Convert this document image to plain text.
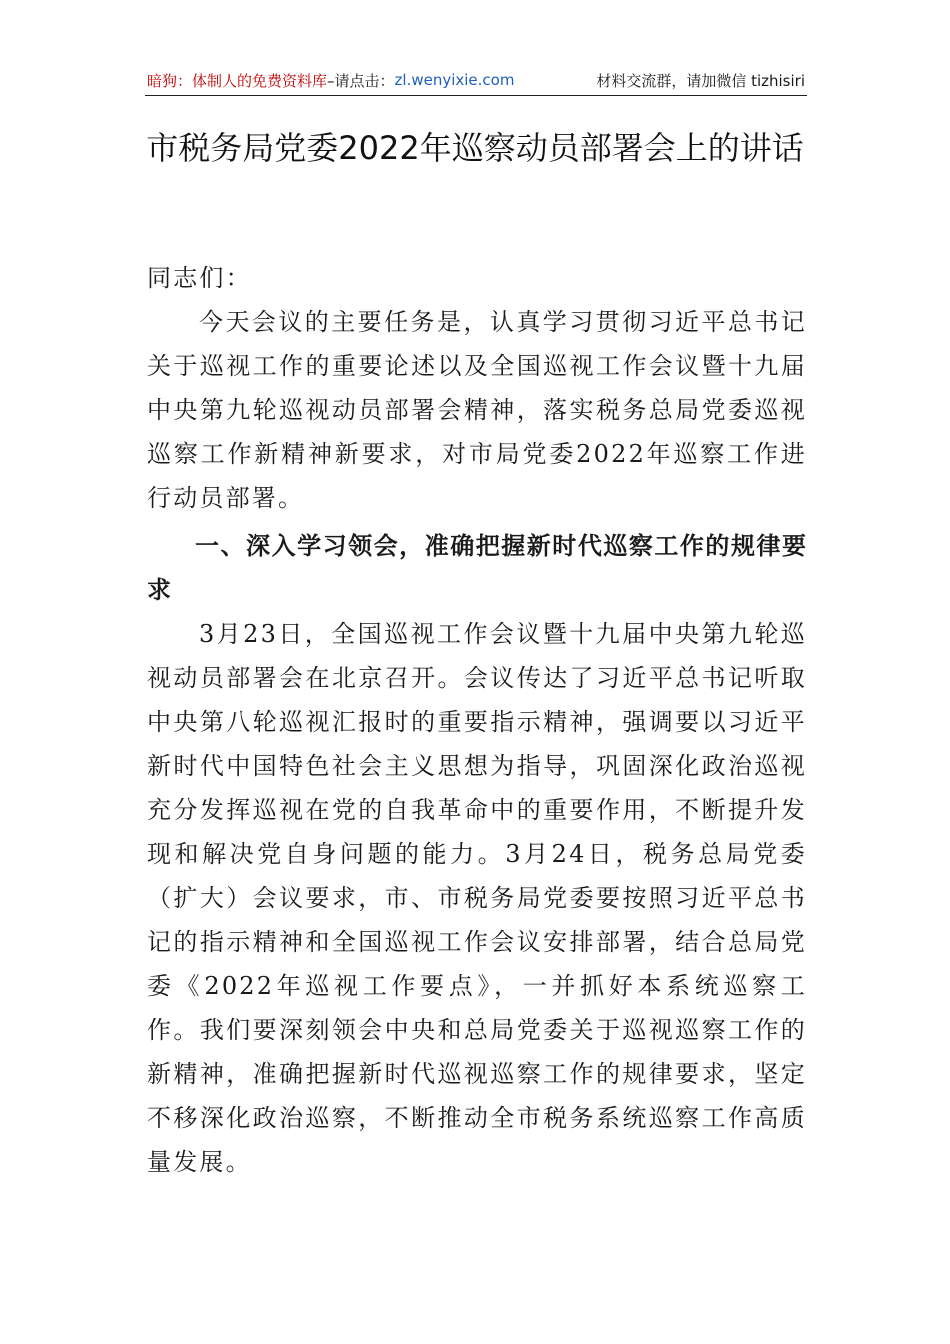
暗狗：体制人的免费资料库 –请点击： zl.wenyixie.com	材料交流群，请加微信 tizhisiri
市税务局党委2022年巡察动员部署会上的讲话

同志们：

今天会议的主要任务是，认真学习贯彻习近平总书记关于巡视工作的重要论述以及全国巡视工作会议暨十九届中央第九轮巡视动员部署会精神，落实税务总局党委巡视巡察工作新精神新要求，对市局党委2022年巡察工作进行动员部署。

一、深入学习领会，准确把握新时代巡察工作的规律要求

3月23日，全国巡视工作会议暨十九届中央第九轮巡视动员部署会在北京召开。会议传达了习近平总书记听取中央第八轮巡视汇报时的重要指示精神，强调要以习近平新时代中国特色社会主义思想为指导，巩固深化政治巡视充分发挥巡视在党的自我革命中的重要作用，不断提升发现和解决党自身问题的能力。3月24日，税务总局党委（扩大）会议要求，市、市税务局党委要按照习近平总书记的指示精神和全国巡视工作会议安排部署，结合总局党委《2022年巡视工作要点》，一并抓好本系统巡察工作。我们要深刻领会中央和总局党委关于巡视巡察工作的新精神，准确把握新时代巡视巡察工作的规律要求，坚定不移深化政治巡察，不断推动全市税务系统巡察工作高质量发展。
